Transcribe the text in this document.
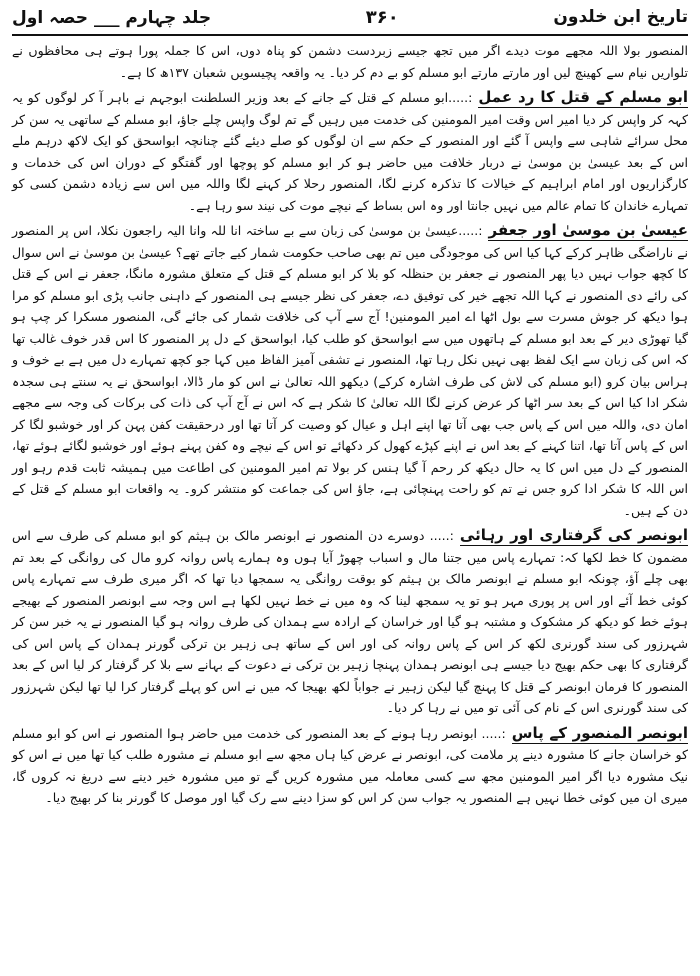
تاریخ ابن خلدون
۳۶۰
جلد چہارم ___ حصہ اول

المنصور بولا اللہ مجھے موت دیدے اگر میں تجھ جیسے زبردست دشمن کو پناہ دوں، اس کا جملہ پورا ہوتے ہی محافظوں نے تلواریں نیام سے کھینچ لیں اور مارتے مارتے ابو مسلم کو بے دم کر دیا۔ یہ واقعہ پچیسویں شعبان ۱۳۷ھ کا ہے۔

ابو مسلم کے قتل کا رد عمل:.....ابو مسلم کے قتل کے جانے کے بعد وزیر السلطنت ابوجہم نے باہر آ کر لوگوں کو یہ کہہ کر واپس کر دیا امیر اس وقت امیر المومنین کی خدمت میں رہیں گے تم لوگ واپس چلے جاؤ، ابو مسلم کے ساتھی یہ سن کر محل سرائے شاہی سے واپس آ گئے اور المنصور کے حکم سے ان لوگوں کو صلے دیئے گئے چنانچہ ابواسحق کو ایک لاکھ درہم ملے اس کے بعد عیسیٰ بن موسیٰ نے دربار خلافت میں حاضر ہو کر ابو مسلم کو پوچھا اور گفتگو کے دوران اس کی خدمات و کارگزاریوں اور امام ابراہیم کے خیالات کا تذکرہ کرنے لگا، المنصور رحلا کر کہنے لگا واللہ میں اس سے زیادہ دشمن کسی کو تمہارے خاندان کا تمام عالم میں نہیں جانتا اور وہ اس بساط کے نیچے موت کی نیند سو رہا ہے۔

عیسیٰ بن موسیٰ اور جعفر:.....عیسیٰ بن موسیٰ کی زبان سے بے ساختہ انا للہ وانا الیہ راجعون نکلا، اس پر المنصور نے ناراضگی ظاہر کرکے کہا کیا اس کی موجودگی میں تم بھی صاحب حکومت شمار کیے جاتے تھے؟ عیسیٰ بن موسیٰ نے اس سوال کا کچھ جواب نہیں دیا پھر المنصور نے جعفر بن حنظلہ کو بلا کر ابو مسلم کے قتل کے متعلق مشورہ مانگا، جعفر نے اس کے قتل کی رائے دی المنصور نے کہا اللہ تجھے خیر کی توفیق دے، جعفر کی نظر جیسے ہی المنصور کے داہنی جانب پڑی ابو مسلم کو مرا ہوا دیکھ کر جوش مسرت سے بول اٹھا اے امیر المومنین! آج سے آپ کی خلافت شمار کی جائے گی، المنصور مسکرا کر چپ ہو گیا تھوڑی دیر کے بعد ابو مسلم کے ہاتھوں میں سے ابواسحق کو طلب کیا، ابواسحق کے دل پر المنصور کا اس قدر خوف غالب تھا کہ اس کی زبان سے ایک لفظ بھی نہیں نکل رہا تھا، المنصور نے تشفی آمیز الفاظ میں کہا جو کچھ تمہارے دل میں ہے بے خوف و ہراس بیان کرو (ابو مسلم کی لاش کی طرف اشارہ کرکے) دیکھو اللہ تعالیٰ نے اس کو مار ڈالا، ابواسحق نے یہ سنتے ہی سجدہ شکر ادا کیا اس کے بعد سر اٹھا کر عرض کرنے لگا اللہ تعالیٰ کا شکر ہے کہ اس نے آج آپ کی ذات کی برکات کی وجہ سے مجھے امان دی، واللہ میں اس کے پاس جب بھی آتا تھا اپنے اہل و عیال کو وصیت کر آتا تھا اور درحقیقت کفن پہن کر اور خوشبو لگا کر اس کے پاس آتا تھا، اتنا کہنے کے بعد اس نے اپنے کپڑے کھول کر دکھائے تو اس کے نیچے وہ کفن پہنے ہوئے اور خوشبو لگائے ہوئے تھا، المنصور کے دل میں اس کا یہ حال دیکھ کر رحم آ گیا ہنس کر بولا تم امیر المومنین کی اطاعت میں ہمیشہ ثابت قدم رہو اور اس اللہ کا شکر ادا کرو جس نے تم کو راحت پہنچائی ہے، جاؤ اس کی جماعت کو منتشر کرو۔ یہ واقعات ابو مسلم کے قتل کے دن کے ہیں۔

ابونصر کی گرفتاری اور رہائی:..... دوسرے دن المنصور نے ابونصر مالک بن ہیثم کو ابو مسلم کی طرف سے اس مضمون کا خط لکھا کہ: تمہارے پاس میں جتنا مال و اسباب چھوڑ آیا ہوں وہ ہمارے پاس روانہ کرو مال کی روانگی کے بعد تم بھی چلے آؤ، چونکہ ابو مسلم نے ابونصر مالک بن ہیثم کو بوقت روانگی یہ سمجھا دیا تھا کہ اگر میری طرف سے تمہارے پاس کوئی خط آئے اور اس پر پوری مہر ہو تو یہ سمجھ لینا کہ وہ میں نے خط نہیں لکھا ہے اس وجہ سے ابونصر المنصور کے بھیجے ہوئے خط کو دیکھ کر مشکوک و مشتبہ ہو گیا اور خراسان کے ارادہ سے ہمدان کی طرف روانہ ہو گیا المنصور نے یہ خبر سن کر شہرزور کی سند گورنری لکھ کر اس کے پاس روانہ کی اور اس کے ساتھ ہی زہیر بن ترکی گورنر ہمدان کے پاس اس کی گرفتاری کا بھی حکم بھیج دیا جیسے ہی ابونصر ہمدان پہنچا زہیر بن ترکی نے دعوت کے بہانے سے بلا کر گرفتار کر لیا اس کے بعد المنصور کا فرمان ابونصر کے قتل کا پہنچ گیا لیکن زہیر نے جواباً لکھ بھیجا کہ میں نے اس کو پہلے گرفتار کرا لیا تھا لیکن شہرزور کی سند گورنری اس کے نام کی آئی تو میں نے رہا کر دیا۔

ابونصر المنصور کے پاس:..... ابونصر رہا ہونے کے بعد المنصور کی خدمت میں حاضر ہوا المنصور نے اس کو ابو مسلم کو خراسان جانے کا مشورہ دینے پر ملامت کی، ابونصر نے عرض کیا ہاں مجھ سے ابو مسلم نے مشورہ طلب کیا تھا میں نے اس کو نیک مشورہ دیا اگر امیر المومنین مجھ سے کسی معاملہ میں مشورہ کریں گے تو میں مشورہ خیر دینے سے دریغ نہ کروں گا، میری ان میں کوئی خطا نہیں ہے المنصور یہ جواب سن کر اس کو سزا دینے سے رک گیا اور موصل کا گورنر بنا کر بھیج دیا۔
